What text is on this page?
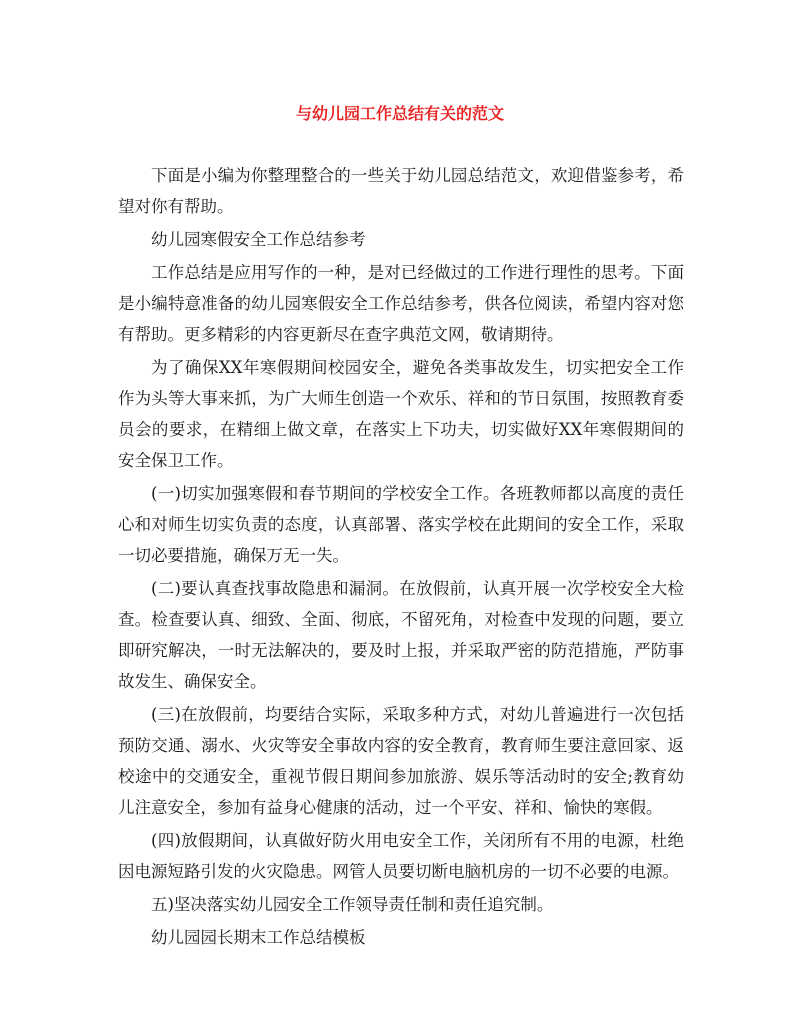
与幼儿园工作总结有关的范文

下面是小编为你整理整合的一些关于幼儿园总结范文，欢迎借鉴参考，希望对你有帮助。

幼儿园寒假安全工作总结参考

工作总结是应用写作的一种，是对已经做过的工作进行理性的思考。下面是小编特意准备的幼儿园寒假安全工作总结参考，供各位阅读，希望内容对您有帮助。更多精彩的内容更新尽在查字典范文网，敬请期待。

为了确保XX年寒假期间校园安全，避免各类事故发生，切实把安全工作作为头等大事来抓，为广大师生创造一个欢乐、祥和的节日氛围，按照教育委员会的要求，在精细上做文章，在落实上下功夫，切实做好XX年寒假期间的安全保卫工作。

(一)切实加强寒假和春节期间的学校安全工作。各班教师都以高度的责任心和对师生切实负责的态度，认真部署、落实学校在此期间的安全工作，采取一切必要措施，确保万无一失。

(二)要认真查找事故隐患和漏洞。在放假前，认真开展一次学校安全大检查。检查要认真、细致、全面、彻底，不留死角，对检查中发现的问题，要立即研究解决，一时无法解决的，要及时上报，并采取严密的防范措施，严防事故发生、确保安全。

(三)在放假前，均要结合实际，采取多种方式，对幼儿普遍进行一次包括预防交通、溺水、火灾等安全事故内容的安全教育，教育师生要注意回家、返校途中的交通安全，重视节假日期间参加旅游、娱乐等活动时的安全;教育幼儿注意安全，参加有益身心健康的活动，过一个平安、祥和、愉快的寒假。

(四)放假期间，认真做好防火用电安全工作，关闭所有不用的电源，杜绝因电源短路引发的火灾隐患。网管人员要切断电脑机房的一切不必要的电源。

五)坚决落实幼儿园安全工作领导责任制和责任追究制。

幼儿园园长期末工作总结模板
